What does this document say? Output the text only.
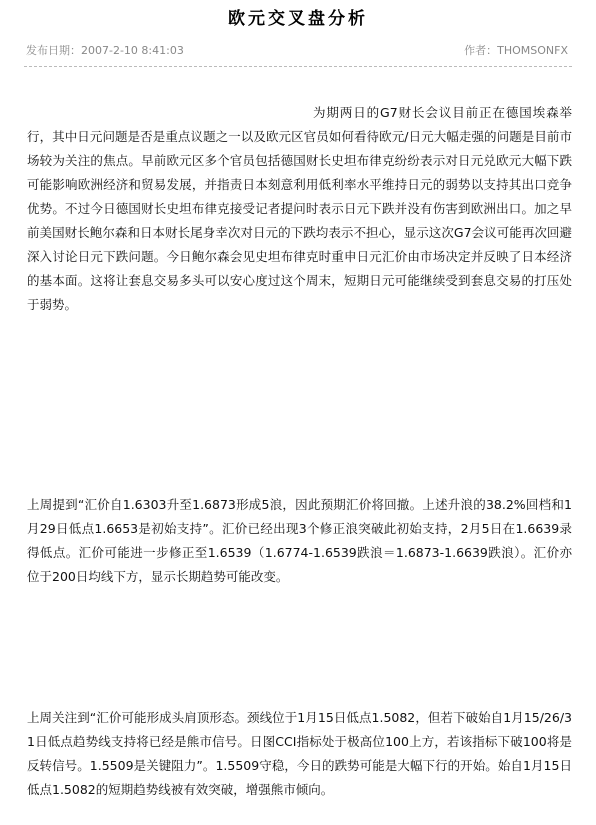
欧元交叉盘分析
发布日期：2007-2-10 8:41:03	作者：THOMSONFX

为期两日的G7财长会议目前正在德国埃森举行，其中日元问题是否是重点议题之一以及欧元区官员如何看待欧元/日元大幅走强的问题是目前市场较为关注的焦点。早前欧元区多个官员包括德国财长史坦布律克纷纷表示对日元兑欧元大幅下跌可能影响欧洲经济和贸易发展，并指责日本刻意利用低利率水平维持日元的弱势以支持其出口竞争优势。不过今日德国财长史坦布律克接受记者提问时表示日元下跌并没有伤害到欧洲出口。加之早前美国财长鲍尔森和日本财长尾身幸次对日元的下跌均表示不担心，显示这次G7会议可能再次回避深入讨论日元下跌问题。今日鲍尔森会见史坦布律克时重申日元汇价由市场决定并反映了日本经济的基本面。这将让套息交易多头可以安心度过这个周末，短期日元可能继续受到套息交易的打压处于弱势。

上周提到“汇价自1.6303升至1.6873形成5浪，因此预期汇价将回撤。上述升浪的38.2%回档和1月29日低点1.6653是初始支持”。汇价已经出现3个修正浪突破此初始支持，2月5日在1.6639录得低点。汇价可能进一步修正至1.6539（1.6774-1.6539跌浪＝1.6873-1.6639跌浪）。汇价亦位于200日均线下方，显示长期趋势可能改变。

上周关注到“汇价可能形成头肩顶形态。颈线位于1月15日低点1.5082，但若下破始自1月15/26/31日低点趋势线支持将已经是熊市信号。日图CCI指标处于极高位100上方，若该指标下破100将是反转信号。1.5509是关键阻力”。1.5509守稳，今日的跌势可能是大幅下行的开始。始自1月15日低点1.5082的短期趋势线被有效突破，增强熊市倾向。
